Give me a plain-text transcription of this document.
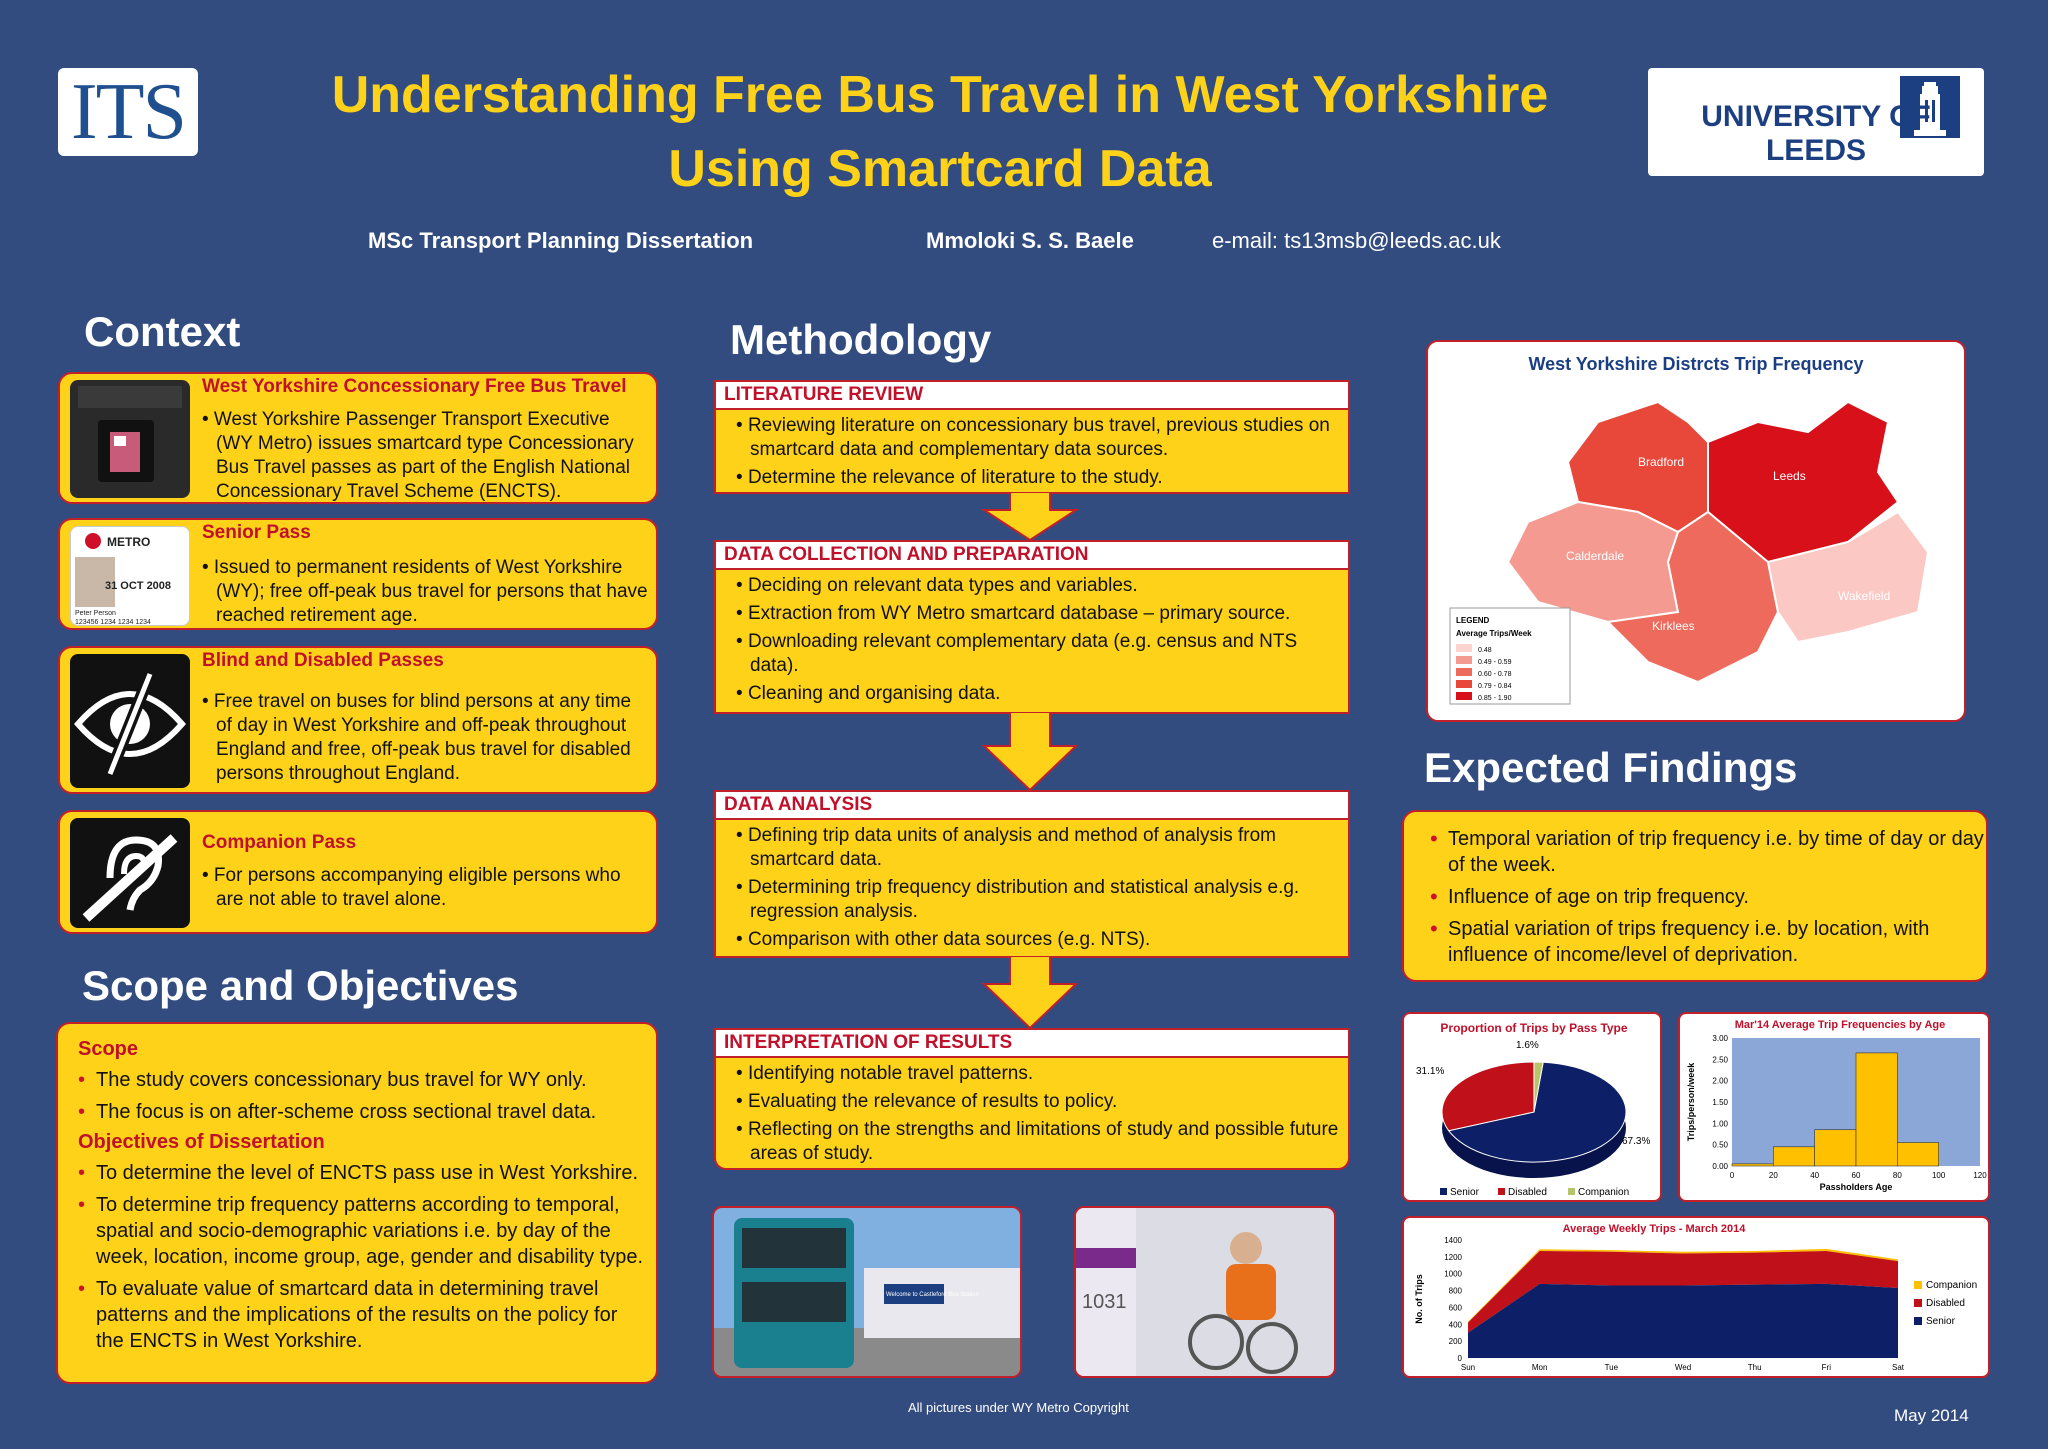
ITS	Understanding Free Bus Travel in West Yorkshire
Using Smartcard Data
UNIVERSITY OF LEEDS
MSc Transport Planning Dissertation	Mmoloki S. S. Baele	e-mail: ts13msb@leeds.ac.uk
Context
West Yorkshire Concessionary Free Bus Travel
• West Yorkshire Passenger Transport Executive (WY Metro) issues smartcard type Concessionary Bus Travel passes as part of the English National Concessionary Travel Scheme (ENCTS).
METRO
31 OCT 2008
Peter Person
123456 1234 1234 1234
Senior Pass
• Issued to permanent residents of West Yorkshire (WY); free off-peak bus travel for persons that have reached retirement age.
Blind and Disabled Passes
• Free travel on buses for blind persons at any time of day in West Yorkshire and off-peak throughout England and free, off-peak bus travel for disabled persons throughout England.
Companion Pass
• For persons accompanying eligible persons who are not able to travel alone.
Scope and Objectives
Scope
• The study covers concessionary bus travel for WY only.
• The focus is on after-scheme cross sectional travel data.
Objectives of Dissertation
• To determine the level of ENCTS pass use in West Yorkshire.
• To determine trip frequency patterns according to temporal, spatial and socio-demographic variations i.e. by day of the week, location, income group, age, gender and disability type.
• To evaluate value of smartcard data in determining travel patterns and the implications of the results on the policy for the ENCTS in West Yorkshire.
Methodology
LITERATURE REVIEW
• Reviewing literature on concessionary bus travel, previous studies on smartcard data and complementary data sources.
• Determine the relevance of literature to the study.
DATA COLLECTION AND PREPARATION
• Deciding on relevant data types and variables.
• Extraction from WY Metro smartcard database – primary source.
• Downloading relevant complementary data (e.g. census and NTS data).
• Cleaning and organising data.
DATA ANALYSIS
• Defining trip data units of analysis and method of analysis from smartcard data.
• Determining trip frequency distribution and statistical analysis e.g. regression analysis.
• Comparison with other data sources (e.g. NTS).
INTERPRETATION OF RESULTS
• Identifying notable travel patterns.
• Evaluating the relevance of results to policy.
• Reflecting on the strengths and limitations of study and possible future areas of study.
Welcome to Castleford Bus Station	1031
All pictures under WY Metro Copyright
West Yorkshire Distrcts Trip Frequency
Bradford
Leeds
Calderdale
Kirklees
Wakefield
LEGEND
Average Trips/Week
0.48
0.49 - 0.59
0.60 - 0.78
0.79 - 0.84
0.85 - 1.90
Expected Findings
• Temporal variation of trip frequency i.e. by time of day or day of the week.
• Influence of age on trip frequency.
• Spatial variation of trips frequency i.e. by location, with influence of income/level of deprivation.
Proportion of Trips by Pass Type
67.3%
31.1%
1.6%
Senior	Disabled	Companion
Mar'14 Average Trip Frequencies by Age
0.00
0.50
1.00
1.50
2.00
2.50
3.00
0	20	40	60	80	100	120
Passholders Age
Trips/person/week
Average Weekly Trips - March 2014
0
200
400
600
800
1000
1200
1400
Sun	Mon	Tue	Wed	Thu	Fri	Sat
No. of Trips	Companion
Disabled
Senior
May 2014
